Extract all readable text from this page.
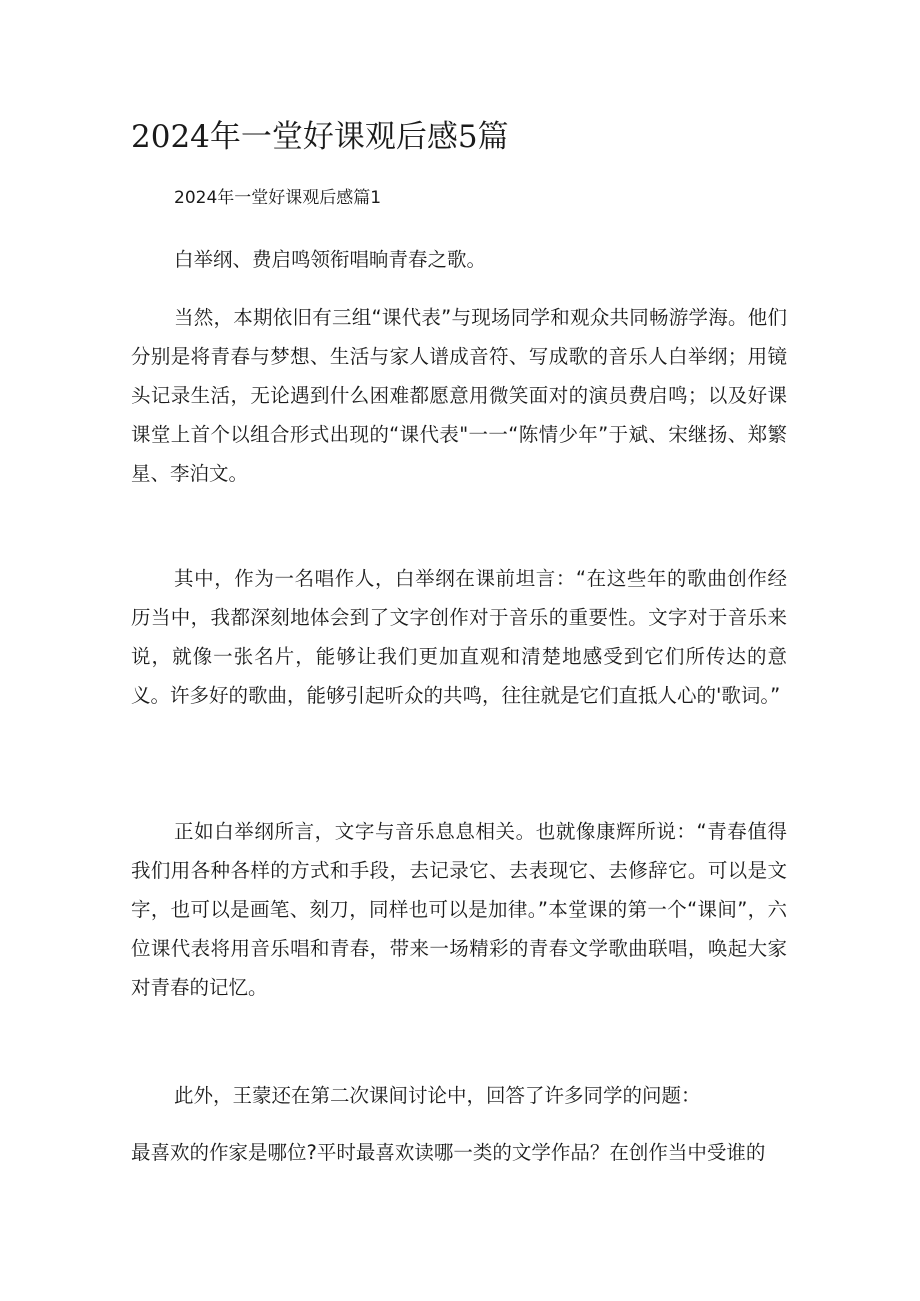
2024年一堂好课观后感5篇
2024年一堂好课观后感篇1

白举纲、费启鸣领衔唱晌青春之歌。

当然，本期依旧有三组“课代表”与现场同学和观众共同畅游学海。他们分别是将青春与梦想、生活与家人谱成音符、写成歌的音乐人白举纲；用镜头记录生活，无论遇到什么困难都愿意用微笑面对的演员费启鸣；以及好课课堂上首个以组合形式出现的“课代表"一一“陈情少年”于斌、宋继扬、郑繁星、李泊文。

其中，作为一名唱作人，白举纲在课前坦言：“在这些年的歌曲创作经历当中，我都深刻地体会到了文字创作对于音乐的重要性。文字对于音乐来说，就像一张名片，能够让我们更加直观和清楚地感受到它们所传达的意义。许多好的歌曲，能够引起听众的共鸣，往往就是它们直抵人心的'歌词。”

正如白举纲所言，文字与音乐息息相关。也就像康辉所说：“青春值得我们用各种各样的方式和手段，去记录它、去表现它、去修辞它。可以是文字，也可以是画笔、刻刀，同样也可以是加律。”本堂课的第一个“课间”，六位课代表将用音乐唱和青春，带来一场精彩的青春文学歌曲联唱，唤起大家对青春的记忆。

此外，王蒙还在第二次课间讨论中，回答了许多同学的问题：

最喜欢的作家是哪位?平时最喜欢读哪一类的文学作品？在创作当中受谁的
